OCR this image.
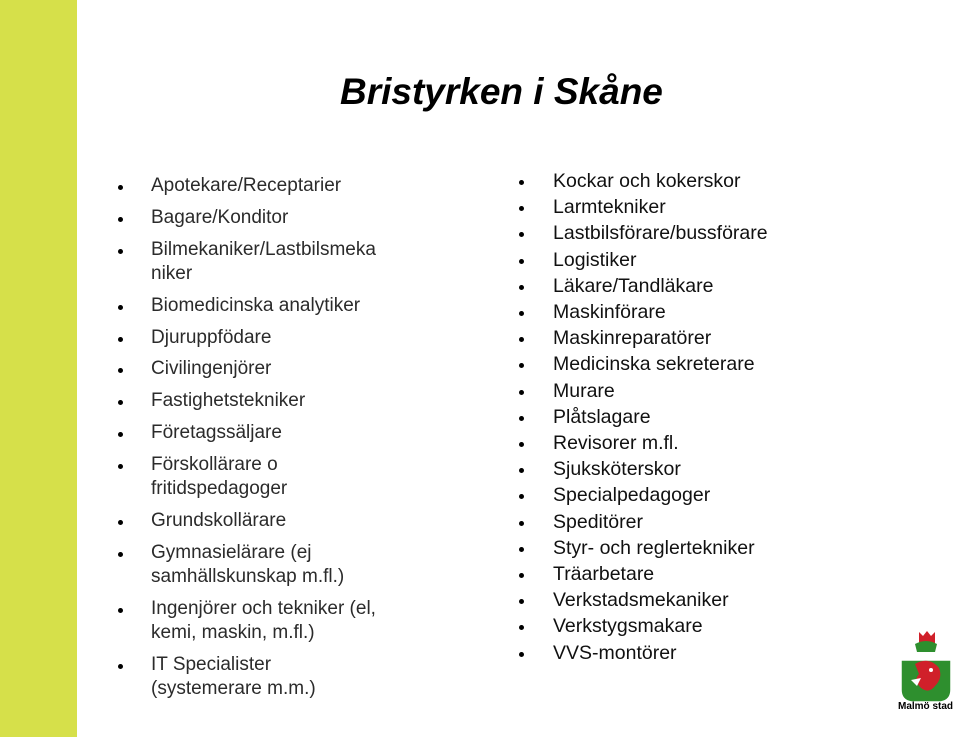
Bristyrken i Skåne
Apotekare/Receptarier
Bagare/Konditor
Bilmekaniker/Lastbilsmeka niker
Biomedicinska analytiker
Djuruppfödare
Civilingenjörer
Fastighetstekniker
Företagssäljare
Förskollärare o fritidspedagoger
Grundskollärare
Gymnasielärare (ej samhällskunskap m.fl.)
Ingenjörer och tekniker (el, kemi, maskin, m.fl.)
IT Specialister (systemerare m.m.)
Kockar och kokerskor
Larmtekniker
Lastbilsförare/bussförare
Logistiker
Läkare/Tandläkare
Maskinförare
Maskinreparatörer
Medicinska sekreterare
Murare
Plåtslagare
Revisorer m.fl.
Sjuksköterskor
Specialpedagoger
Speditörer
Styr- och reglertekniker
Träarbetare
Verkstadsmekaniker
Verkstygsmakare
VVS-montörer
Malmö stad
